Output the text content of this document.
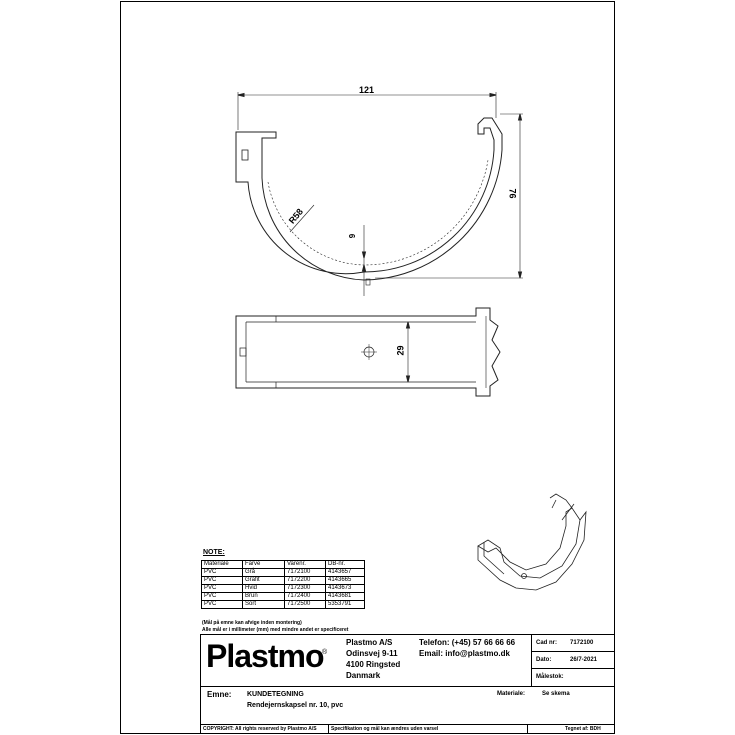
121
76
R58
9
29
NOTE:
Materiale	Farve	Varenr.	DB-nr.
PVC	Grå	7172100	4143657
PVC	Grafit	7172200	4143665
PVC	Hvid	7172300	4143673
PVC	Brun	7172400	4143681
PVC	Sort	7172500	5353791
(Mål på emne kan afvige inden montering)
Alle mål er i millimeter (mm) med mindre andet er specificeret
Plastmo
®
Plastmo A/S
Odinsvej 9-11
4100 Ringsted
Danmark
Telefon: (+45) 57 66 66 66
Email: info@plastmo.dk
Cad nr: 7172100
Dato:	26/7-2021
Målestok:
Emne: KUNDETEGNING
Rendejernskapsel nr. 10, pvc
Materiale:	Se skema
COPYRIGHT: All rights reserved by Plastmo A/S	Specifikation og mål kan ændres uden varsel	Tegnet af: BDH
